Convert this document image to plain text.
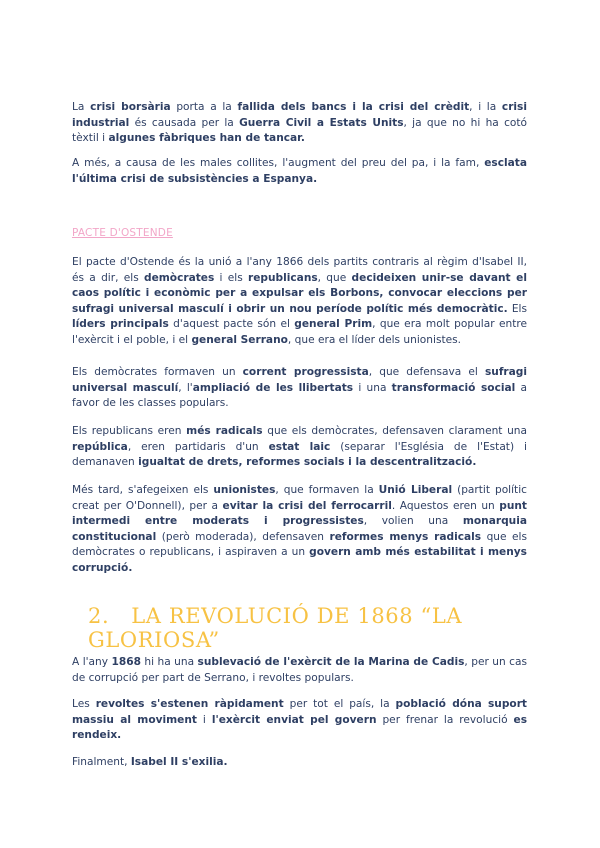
La crisi borsària porta a la fallida dels bancs i la crisi del crèdit, i la crisi industrial és causada per la Guerra Civil a Estats Units, ja que no hi ha cotó tèxtil i algunes fàbriques han de tancar.

A més, a causa de les males collites, l'augment del preu del pa, i la fam, esclata l'última crisi de subsistències a Espanya.

PACTE D'OSTENDE

El pacte d'Ostende és la unió a l'any 1866 dels partits contraris al règim d'Isabel II, és a dir, els demòcrates i els republicans, que decideixen unir-se davant el caos polític i econòmic per a expulsar els Borbons, convocar eleccions per sufragi universal masculí i obrir un nou període polític més democràtic. Els líders principals d'aquest pacte són el general Prim, que era molt popular entre l'exèrcit i el poble, i el general Serrano, que era el líder dels unionistes.

Els demòcrates formaven un corrent progressista, que defensava el sufragi universal masculí, l'ampliació de les llibertats i una transformació social a favor de les classes populars.

Els republicans eren més radicals que els demòcrates, defensaven clarament una república, eren partidaris d'un estat laic (separar l'Església de l'Estat) i demanaven igualtat de drets, reformes socials i la descentralització.

Més tard, s'afegeixen els unionistes, que formaven la Unió Liberal (partit polític creat per O'Donnell), per a evitar la crisi del ferrocarril. Aquestos eren un punt intermedi entre moderats i progressistes, volien una monarquia constitucional (però moderada), defensaven reformes menys radicals que els demòcrates o republicans, i aspiraven a un govern amb més estabilitat i menys corrupció.

2. LA REVOLUCIÓ DE 1868 “LA GLORIOSA”

A l'any 1868 hi ha una sublevació de l'exèrcit de la Marina de Cadis, per un cas de corrupció per part de Serrano, i revoltes populars.

Les revoltes s'estenen ràpidament per tot el país, la població dóna suport massiu al moviment i l'exèrcit enviat pel govern per frenar la revolució es rendeix.

Finalment, Isabel II s'exilia.
